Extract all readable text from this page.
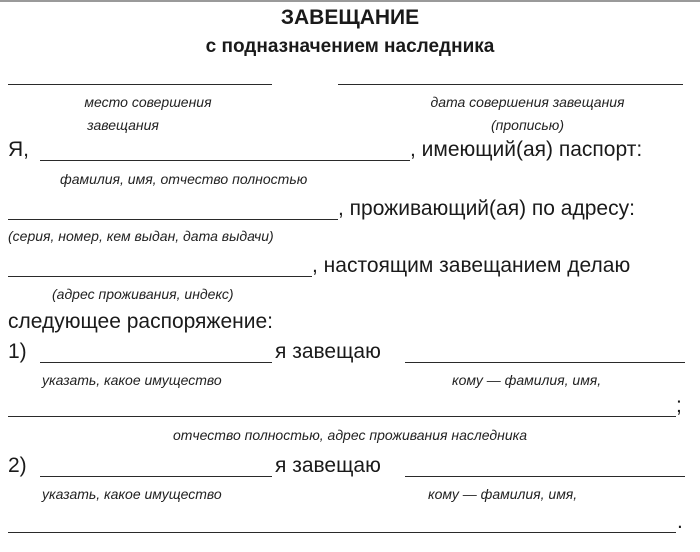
ЗАВЕЩАНИЕ
с подназначением наследника
место совершения
завещания
дата совершения завещания
(прописью)
Я,	, имеющий(ая) паспорт:
фамилия, имя, отчество полностью
, проживающий(ая) по адресу:
(серия, номер, кем выдан, дата выдачи)
, настоящим завещанием делаю
(адрес проживания, индекс)
следующее распоряжение:
1)	я завещаю
указать, какое имущество	кому — фамилия, имя,
;
отчество полностью, адрес проживания наследника
2)	я завещаю
указать, какое имущество	кому — фамилия, имя,
.
